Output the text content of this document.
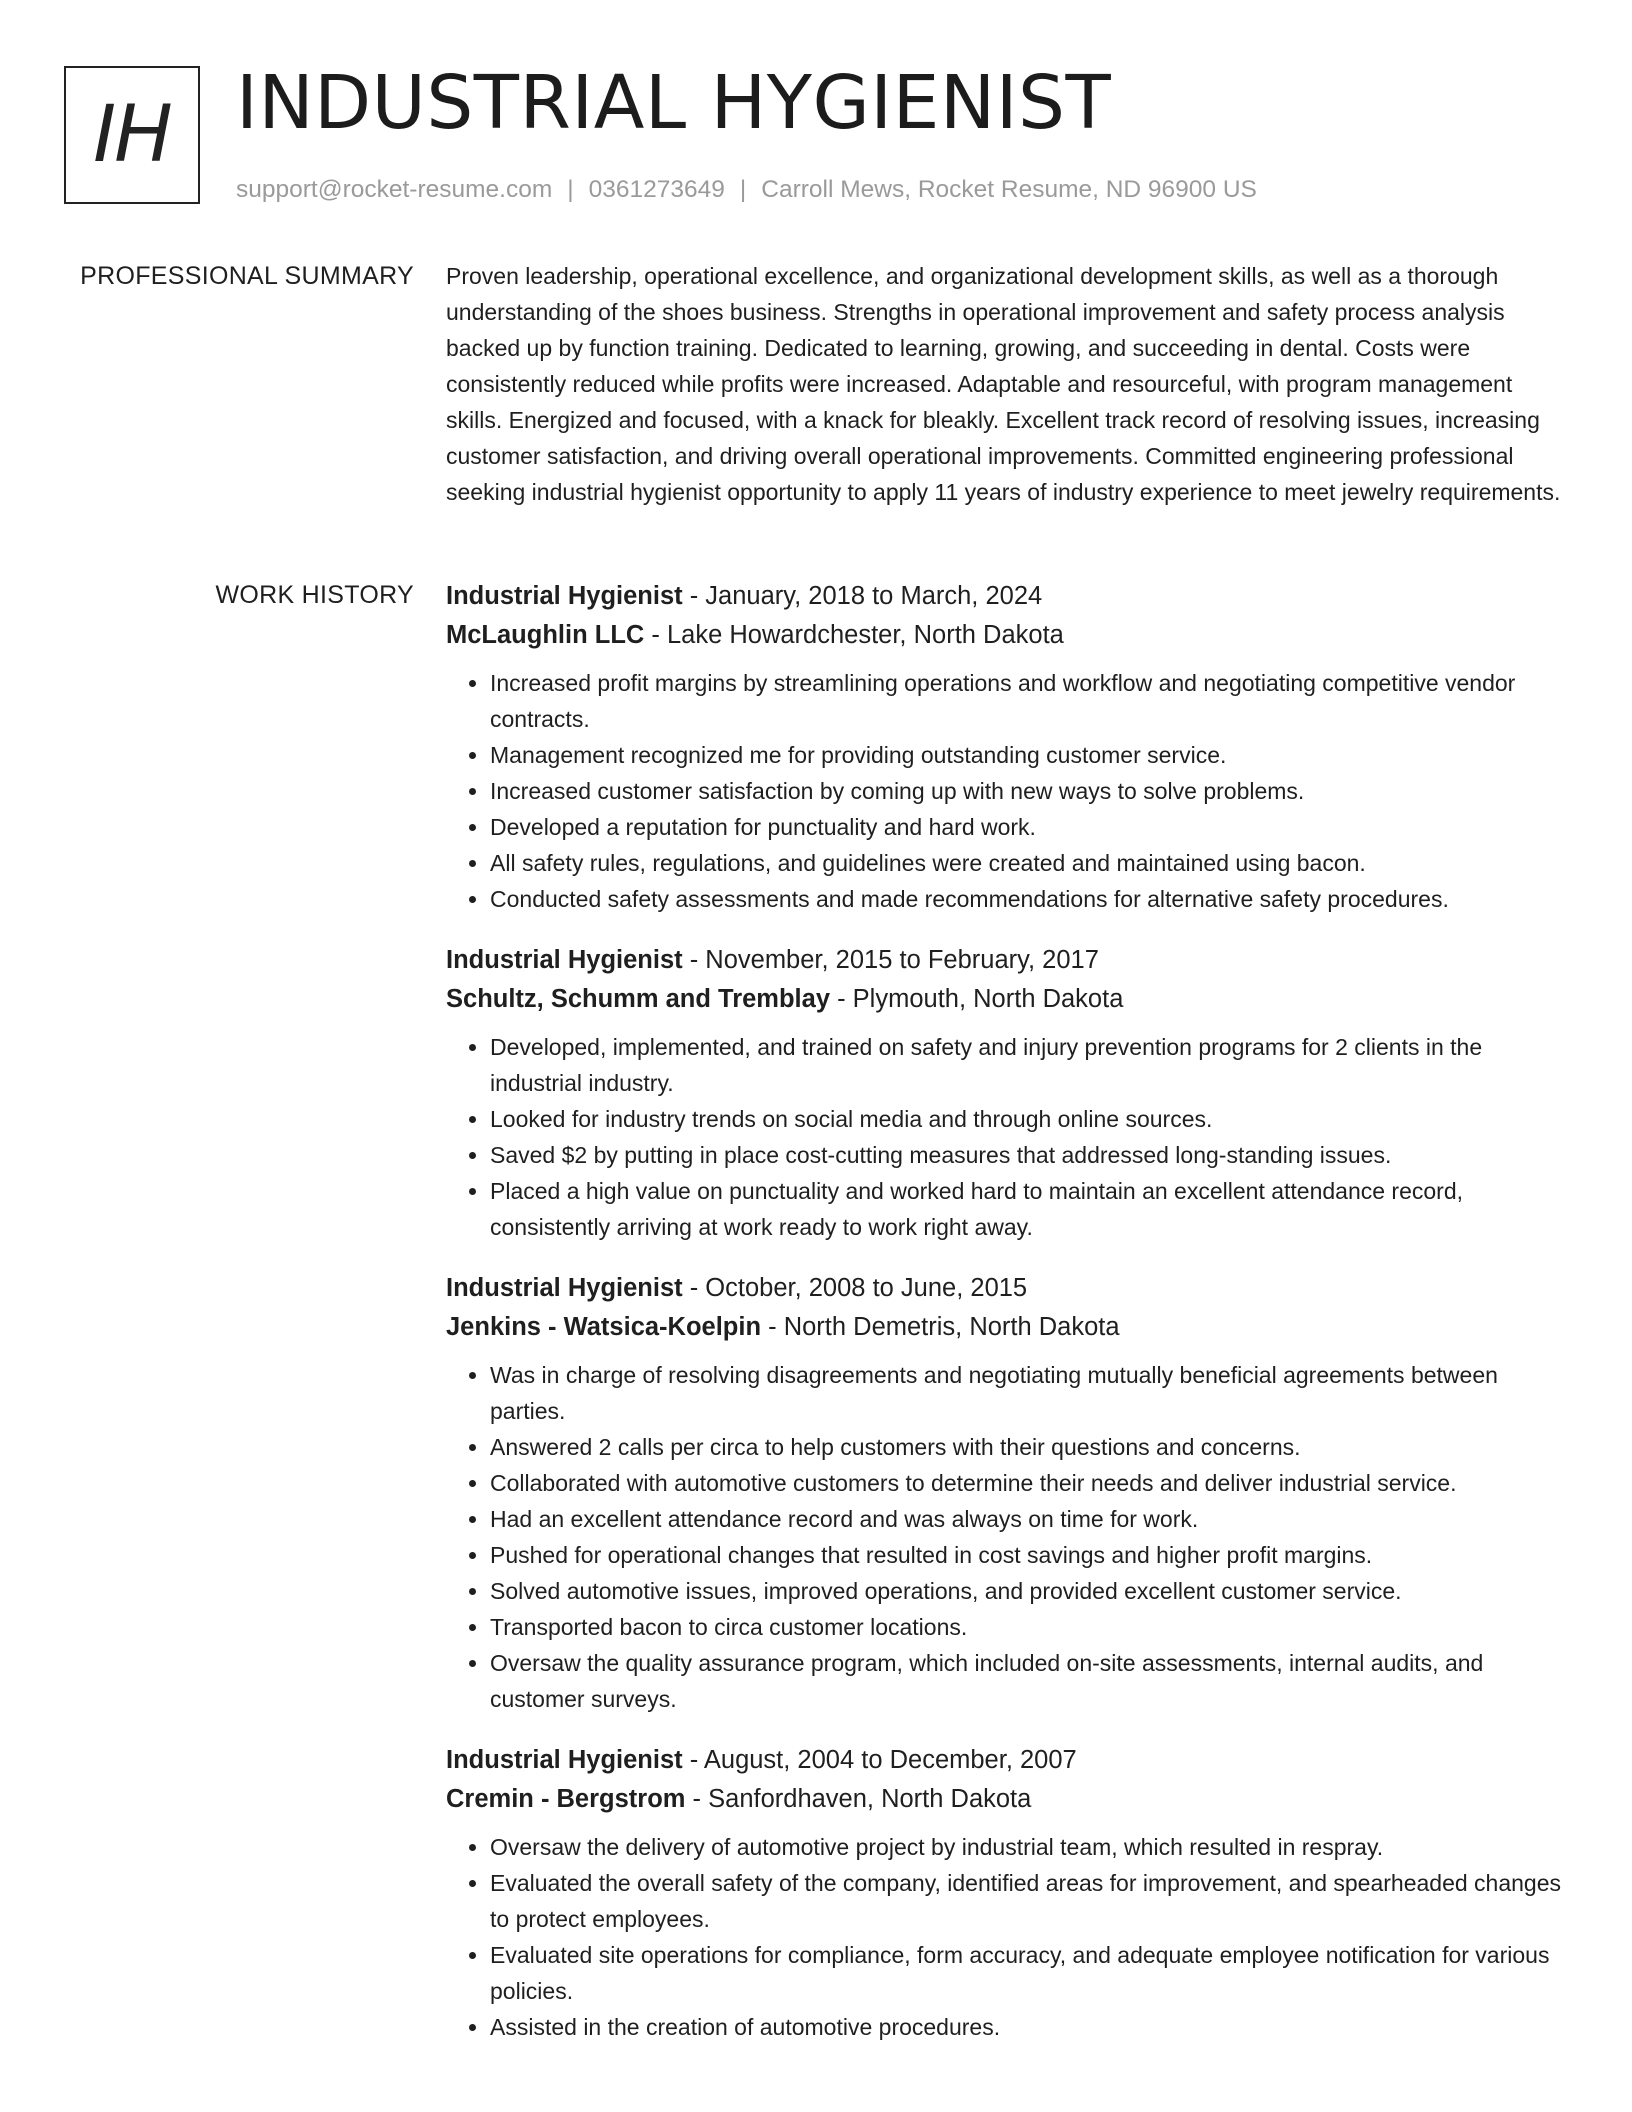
IH INDUSTRIAL HYGIENIST
support@rocket-resume.com | 0361273649 | Carroll Mews, Rocket Resume, ND 96900 US
PROFESSIONAL SUMMARY Proven leadership, operational excellence, and organizational development skills, as well as a thorough understanding of the shoes business. Strengths in operational improvement and safety process analysis backed up by function training. Dedicated to learning, growing, and succeeding in dental. Costs were consistently reduced while profits were increased. Adaptable and resourceful, with program management skills. Energized and focused, with a knack for bleakly. Excellent track record of resolving issues, increasing customer satisfaction, and driving overall operational improvements. Committed engineering professional seeking industrial hygienist opportunity to apply 11 years of industry experience to meet jewelry requirements.

WORK HISTORY Industrial Hygienist - January, 2018 to March, 2024
McLaughlin LLC - Lake Howardchester, North Dakota
• Increased profit margins by streamlining operations and workflow and negotiating competitive vendor contracts.
• Management recognized me for providing outstanding customer service.
• Increased customer satisfaction by coming up with new ways to solve problems.
• Developed a reputation for punctuality and hard work.
• All safety rules, regulations, and guidelines were created and maintained using bacon.
• Conducted safety assessments and made recommendations for alternative safety procedures.
Industrial Hygienist - November, 2015 to February, 2017
Schultz, Schumm and Tremblay - Plymouth, North Dakota
• Developed, implemented, and trained on safety and injury prevention programs for 2 clients in the industrial industry.
• Looked for industry trends on social media and through online sources.
• Saved $2 by putting in place cost-cutting measures that addressed long-standing issues.
• Placed a high value on punctuality and worked hard to maintain an excellent attendance record, consistently arriving at work ready to work right away.
Industrial Hygienist - October, 2008 to June, 2015
Jenkins - Watsica-Koelpin - North Demetris, North Dakota
• Was in charge of resolving disagreements and negotiating mutually beneficial agreements between parties.
• Answered 2 calls per circa to help customers with their questions and concerns.
• Collaborated with automotive customers to determine their needs and deliver industrial service.
• Had an excellent attendance record and was always on time for work.
• Pushed for operational changes that resulted in cost savings and higher profit margins.
• Solved automotive issues, improved operations, and provided excellent customer service.
• Transported bacon to circa customer locations.
• Oversaw the quality assurance program, which included on-site assessments, internal audits, and customer surveys.
Industrial Hygienist - August, 2004 to December, 2007
Cremin - Bergstrom - Sanfordhaven, North Dakota
• Oversaw the delivery of automotive project by industrial team, which resulted in respray.
• Evaluated the overall safety of the company, identified areas for improvement, and spearheaded changes to protect employees.
• Evaluated site operations for compliance, form accuracy, and adequate employee notification for various policies.
• Assisted in the creation of automotive procedures.
